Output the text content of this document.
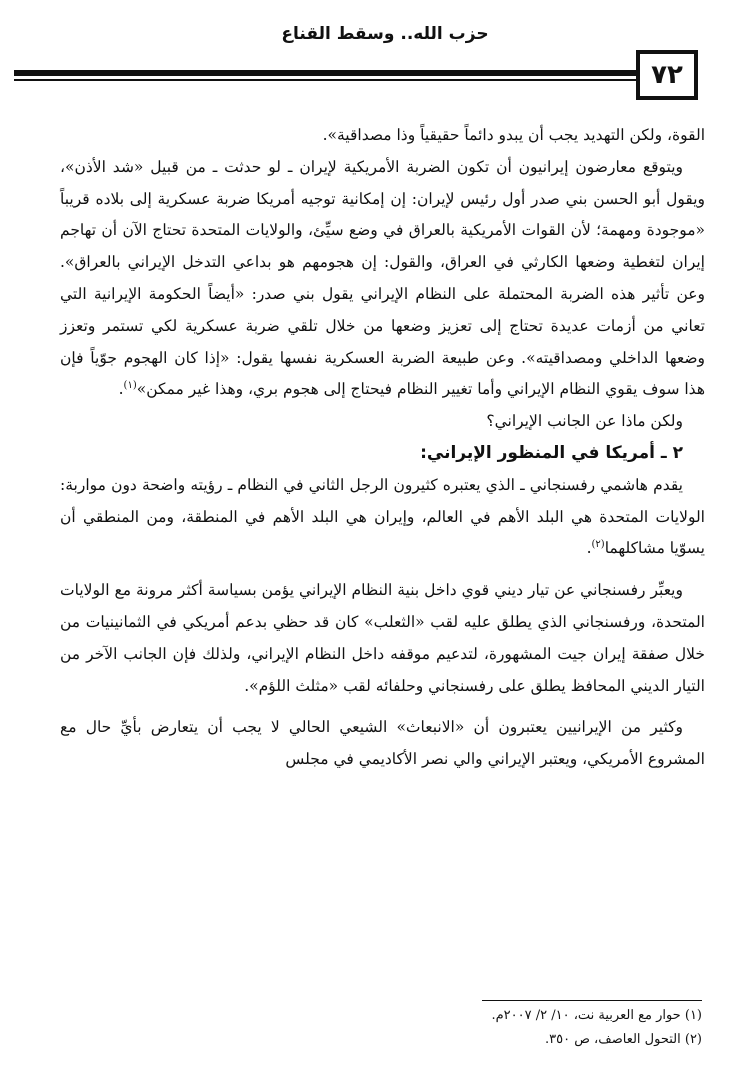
حزب الله.. وسقط القناع
٧٢

القوة، ولكن التهديد يجب أن يبدو دائماً حقيقياً وذا مصداقية».

ويتوقع معارضون إيرانيون أن تكون الضربة الأمريكية لإيران ـ لو حدثت ـ من قبيل «شد الأذن»، ويقول أبو الحسن بني صدر أول رئيس لإيران: إن إمكانية توجيه أمريكا ضربة عسكرية إلى بلاده قريباً «موجودة ومهمة؛ لأن القوات الأمريكية بالعراق في وضع سيِّئ، والولايات المتحدة تحتاج الآن أن تهاجم إيران لتغطية وضعها الكارثي في العراق، والقول: إن هجومهم هو بداعي التدخل الإيراني بالعراق». وعن تأثير هذه الضربة المحتملة على النظام الإيراني يقول بني صدر: «أيضاً الحكومة الإيرانية التي تعاني من أزمات عديدة تحتاج إلى تعزيز وضعها من خلال تلقي ضربة عسكرية لكي تستمر وتعزز وضعها الداخلي ومصداقيته». وعن طبيعة الضربة العسكرية نفسها يقول: «إذا كان الهجوم جوّياً فإن هذا سوف يقوي النظام الإيراني وأما تغيير النظام فيحتاج إلى هجوم بري، وهذا غير ممكن»$^{(١)}$.

ولكن ماذا عن الجانب الإيراني؟

٢ ـ أمريكا في المنظور الإيراني:

يقدم هاشمي رفسنجاني ـ الذي يعتبره كثيرون الرجل الثاني في النظام ـ رؤيته واضحة دون مواربة: الولايات المتحدة هي البلد الأهم في العالم، وإيران هي البلد الأهم في المنطقة، ومن المنطقي أن يسوّيا مشاكلهما$^{(٢)}$.

ويعبِّر رفسنجاني عن تيار ديني قوي داخل بنية النظام الإيراني يؤمن بسياسة أكثر مرونة مع الولايات المتحدة، ورفسنجاني الذي يطلق عليه لقب «الثعلب» كان قد حظي بدعم أمريكي في الثمانينيات من خلال صفقة إيران جيت المشهورة، لتدعيم موقفه داخل النظام الإيراني، ولذلك فإن الجانب الآخر من التيار الديني المحافظ يطلق على رفسنجاني وحلفائه لقب «مثلث اللؤم».

وكثير من الإيرانيين يعتبرون أن «الانبعاث» الشيعي الحالي لا يجب أن يتعارض بأيِّ حال مع المشروع الأمريكي، ويعتبر الإيراني والي نصر الأكاديمي في مجلس

(١) حوار مع العربية نت، ١٠/ ٢/ ٢٠٠٧م.
(٢) التحول العاصف، ص ٣٥٠.
